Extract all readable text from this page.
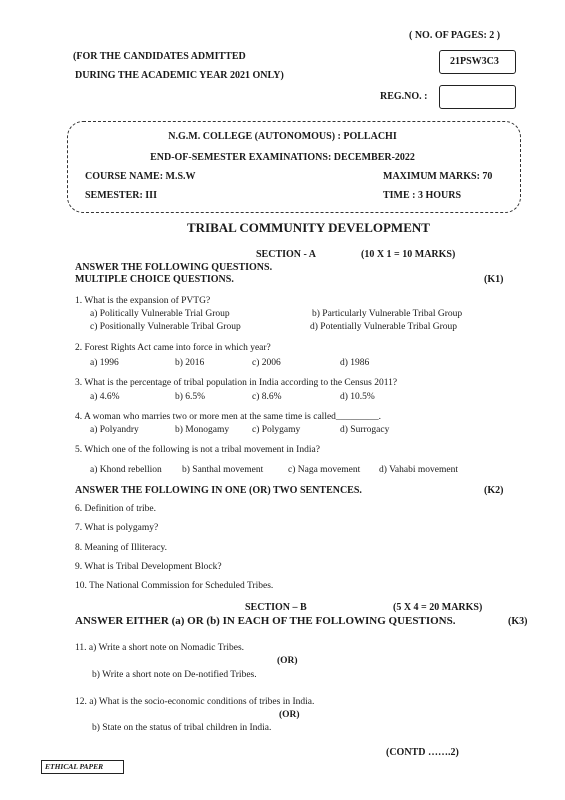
( NO. OF PAGES: 2 )
(FOR THE CANDIDATES ADMITTED
DURING THE ACADEMIC YEAR 2021 ONLY)
21PSW3C3
REG.NO. :
N.G.M. COLLEGE (AUTONOMOUS) : POLLACHI
END-OF-SEMESTER EXAMINATIONS: DECEMBER-2022
COURSE NAME: M.S.W	MAXIMUM MARKS: 70
SEMESTER: III	TIME : 3 HOURS
TRIBAL COMMUNITY DEVELOPMENT
SECTION - A	(10 X 1 = 10 MARKS)
ANSWER THE FOLLOWING QUESTIONS.
MULTIPLE CHOICE QUESTIONS.	(K1)
1. What is the expansion of PVTG?
a) Politically Vulnerable Trial Group	b) Particularly Vulnerable Tribal Group
c) Positionally Vulnerable Tribal Group	d) Potentially Vulnerable Tribal Group
2. Forest Rights Act came into force in which year?
a) 1996	b) 2016	c) 2006	d) 1986
3. What is the percentage of tribal population in India according to the Census 2011?
a) 4.6%	b) 6.5%	c) 8.6%	d) 10.5%
4. A woman who marries two or more men at the same time is called_________.
a) Polyandry	b) Monogamy c) Polygamy	d) Surrogacy
5. Which one of the following is not a tribal movement in India?
a) Khond rebellion b) Santhal movement	c) Naga movement d) Vahabi movement
ANSWER THE FOLLOWING IN ONE (OR) TWO SENTENCES.	(K2)
6. Definition of tribe.
7. What is polygamy?
8. Meaning of Illiteracy.
9. What is Tribal Development Block?
10. The National Commission for Scheduled Tribes.
SECTION – B	(5 X 4 = 20 MARKS)
ANSWER EITHER (a) OR (b) IN EACH OF THE FOLLOWING QUESTIONS.	(K3)
11. a) Write a short note on Nomadic Tribes.
(OR)
b) Write a short note on De-notified Tribes.
12. a) What is the socio-economic conditions of tribes in India.
(OR)
b) State on the status of tribal children in India.
(CONTD …….2)
ETHICAL PAPER
